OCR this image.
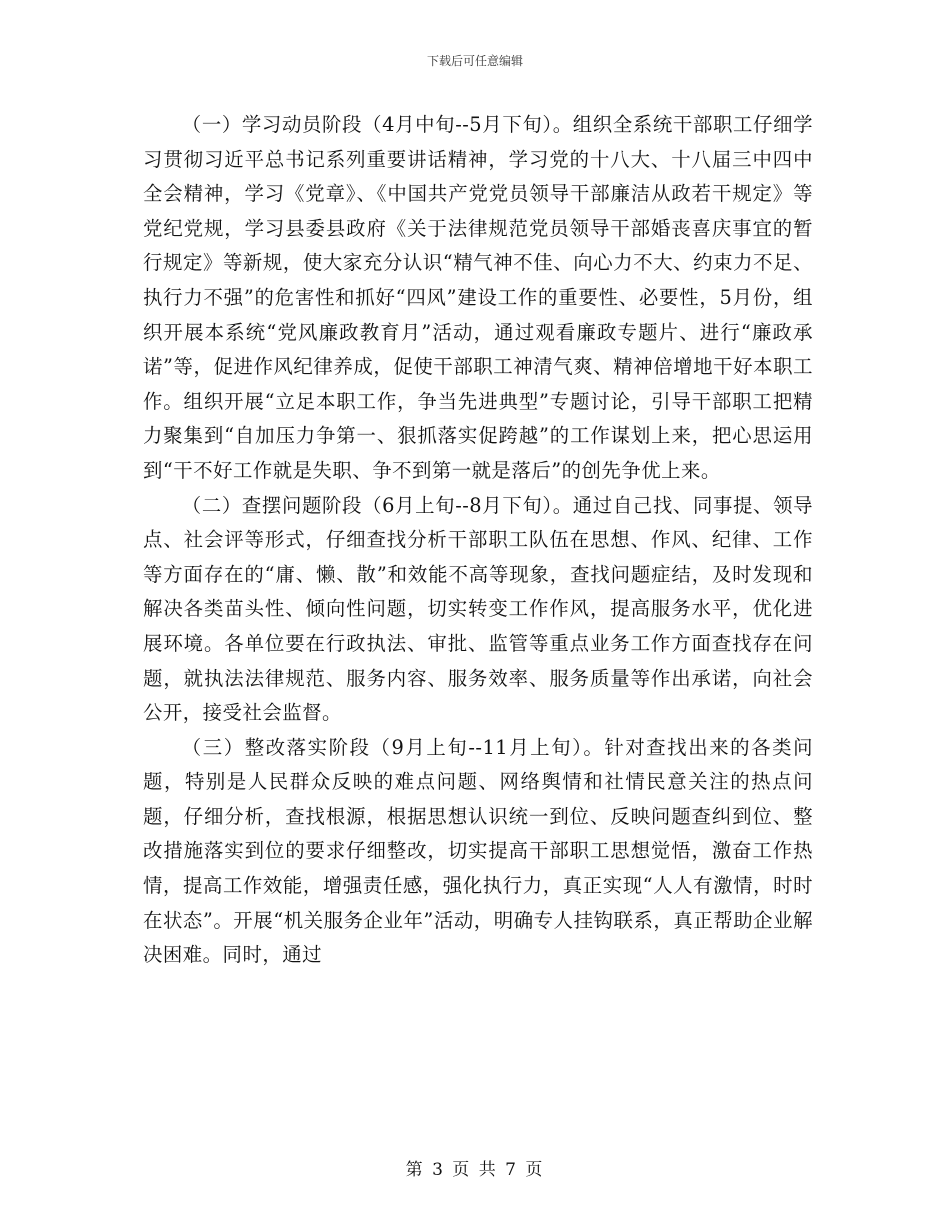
下载后可任意编辑

（一）学习动员阶段（4月中旬--5月下旬）。组织全系统干部职工仔细学习贯彻习近平总书记系列重要讲话精神，学习党的十八大、十八届三中四中全会精神，学习《党章》、《中国共产党党员领导干部廉洁从政若干规定》等党纪党规，学习县委县政府《关于法律规范党员领导干部婚丧喜庆事宜的暂行规定》等新规，使大家充分认识“精气神不佳、向心力不大、约束力不足、执行力不强”的危害性和抓好“四风”建设工作的重要性、必要性，5月份，组织开展本系统“党风廉政教育月”活动，通过观看廉政专题片、进行“廉政承诺”等，促进作风纪律养成，促使干部职工神清气爽、精神倍增地干好本职工作。组织开展“立足本职工作，争当先进典型”专题讨论，引导干部职工把精力聚集到“自加压力争第一、狠抓落实促跨越”的工作谋划上来，把心思运用到“干不好工作就是失职、争不到第一就是落后”的创先争优上来。

（二）查摆问题阶段（6月上旬--8月下旬）。通过自己找、同事提、领导点、社会评等形式，仔细查找分析干部职工队伍在思想、作风、纪律、工作等方面存在的“庸、懒、散”和效能不高等现象，查找问题症结，及时发现和解决各类苗头性、倾向性问题，切实转变工作作风，提高服务水平，优化进展环境。各单位要在行政执法、审批、监管等重点业务工作方面查找存在问题，就执法法律规范、服务内容、服务效率、服务质量等作出承诺，向社会公开，接受社会监督。

（三）整改落实阶段（9月上旬--11月上旬）。针对查找出来的各类问题，特别是人民群众反映的难点问题、网络舆情和社情民意关注的热点问题，仔细分析，查找根源，根据思想认识统一到位、反映问题查纠到位、整改措施落实到位的要求仔细整改，切实提高干部职工思想觉悟，激奋工作热情，提高工作效能，增强责任感，强化执行力，真正实现“人人有激情，时时在状态”。开展“机关服务企业年”活动，明确专人挂钩联系，真正帮助企业解决困难。同时，通过

第 3 页 共 7 页
